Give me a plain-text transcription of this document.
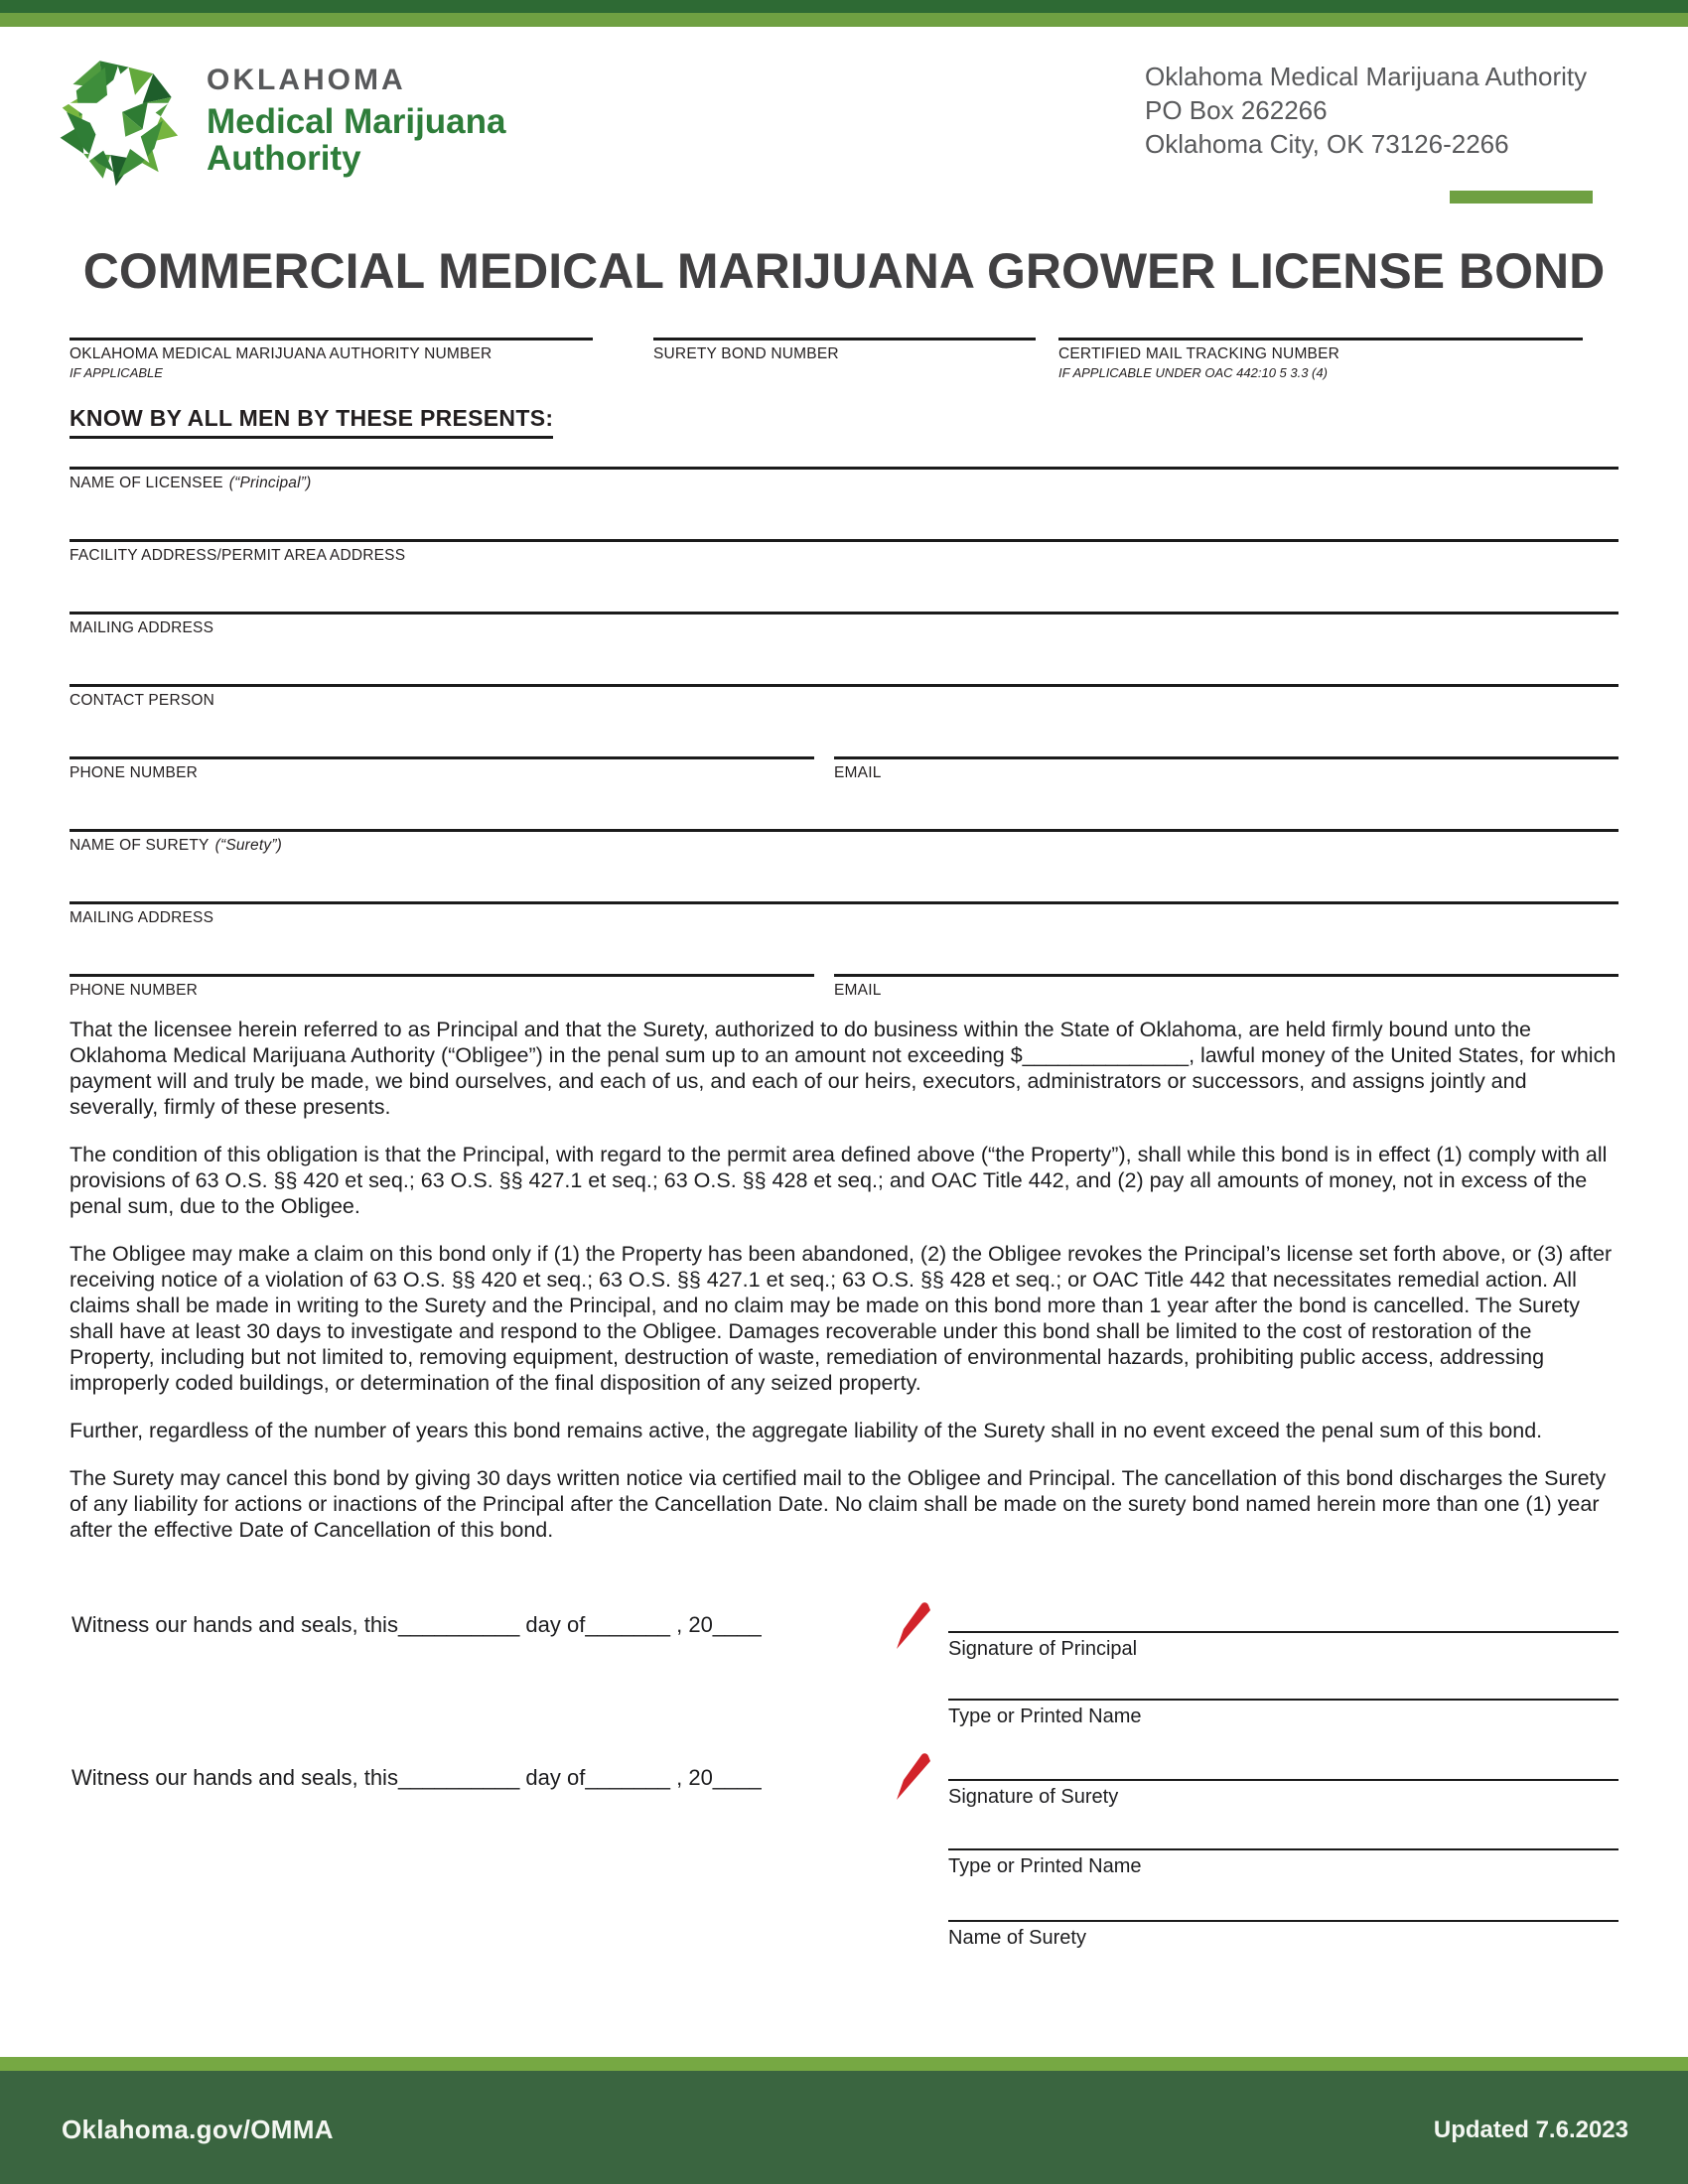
OKLAHOMA
Medical Marijuana
Authority
Oklahoma Medical Marijuana Authority
PO Box 262266
Oklahoma City, OK 73126-2266
COMMERCIAL MEDICAL MARIJUANA GROWER LICENSE BOND
OKLAHOMA MEDICAL MARIJUANA AUTHORITY NUMBER
IF APPLICABLE
SURETY BOND NUMBER	CERTIFIED MAIL TRACKING NUMBER
IF APPLICABLE UNDER OAC 442:10 5 3.3 (4)
KNOW BY ALL MEN BY THESE PRESENTS:
NAME OF LICENSEE (“Principal”)
FACILITY ADDRESS/PERMIT AREA ADDRESS
MAILING ADDRESS
CONTACT PERSON
PHONE NUMBER	EMAIL
NAME OF SURETY (“Surety”)
MAILING ADDRESS
PHONE NUMBER	EMAIL

That the licensee herein referred to as Principal and that the Surety, authorized to do business within the State of Oklahoma, are held firmly bound unto the Oklahoma Medical Marijuana Authority (“Obligee”) in the penal sum up to an amount not exceeding $______________, lawful money of the United States, for which payment will and truly be made, we bind ourselves, and each of us, and each of our heirs, executors, administrators or successors, and assigns jointly and severally, firmly of these presents.

The condition of this obligation is that the Principal, with regard to the permit area defined above (“the Property”), shall while this bond is in effect (1) comply with all provisions of 63 O.S. §§ 420 et seq.; 63 O.S. §§ 427.1 et seq.; 63 O.S. §§ 428 et seq.; and OAC Title 442, and (2) pay all amounts of money, not in excess of the penal sum, due to the Obligee.

The Obligee may make a claim on this bond only if (1) the Property has been abandoned, (2) the Obligee revokes the Principal’s license set forth above, or (3) after receiving notice of a violation of 63 O.S. §§ 420 et seq.; 63 O.S. §§ 427.1 et seq.; 63 O.S. §§ 428 et seq.; or OAC Title 442 that necessitates remedial action. All claims shall be made in writing to the Surety and the Principal, and no claim may be made on this bond more than 1 year after the bond is cancelled. The Surety shall have at least 30 days to investigate and respond to the Obligee. Damages recoverable under this bond shall be limited to the cost of restoration of the Property, including but not limited to, removing equipment, destruction of waste, remediation of environmental hazards, prohibiting public access, addressing improperly coded buildings, or determination of the final disposition of any seized property.

Further, regardless of the number of years this bond remains active, the aggregate liability of the Surety shall in no event exceed the penal sum of this bond.

The Surety may cancel this bond by giving 30 days written notice via certified mail to the Obligee and Principal. The cancellation of this bond discharges the Surety of any liability for actions or inactions of the Principal after the Cancellation Date. No claim shall be made on the surety bond named herein more than one (1) year after the effective Date of Cancellation of this bond.

Witness our hands and seals, this__________ day of_______ , 20____
Witness our hands and seals, this__________ day of_______ , 20____
Signature of Principal
Type or Printed Name
Signature of Surety
Type or Printed Name
Name of Surety
Oklahoma.gov/OMMA	Updated 7.6.2023
